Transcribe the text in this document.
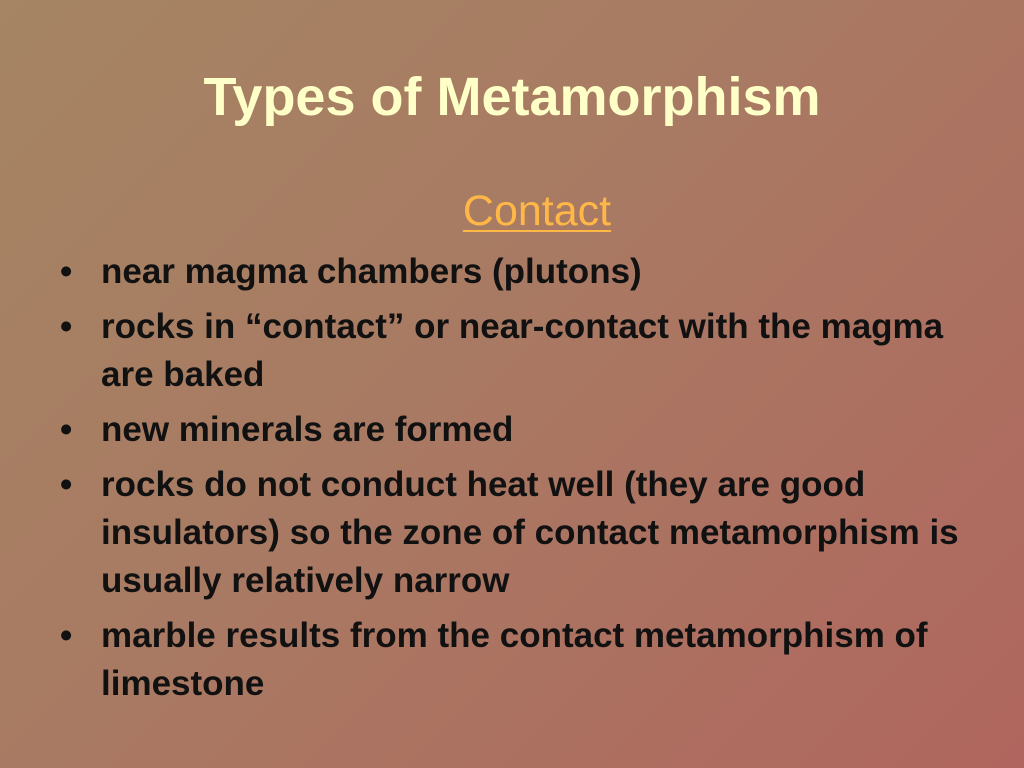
Types of Metamorphism
Contact
• near magma chambers (plutons)
• rocks in “contact” or near-contact with the magma are baked
• new minerals are formed
• rocks do not conduct heat well (they are good insulators) so the zone of contact metamorphism is usually relatively narrow
• marble results from the contact metamorphism of limestone
